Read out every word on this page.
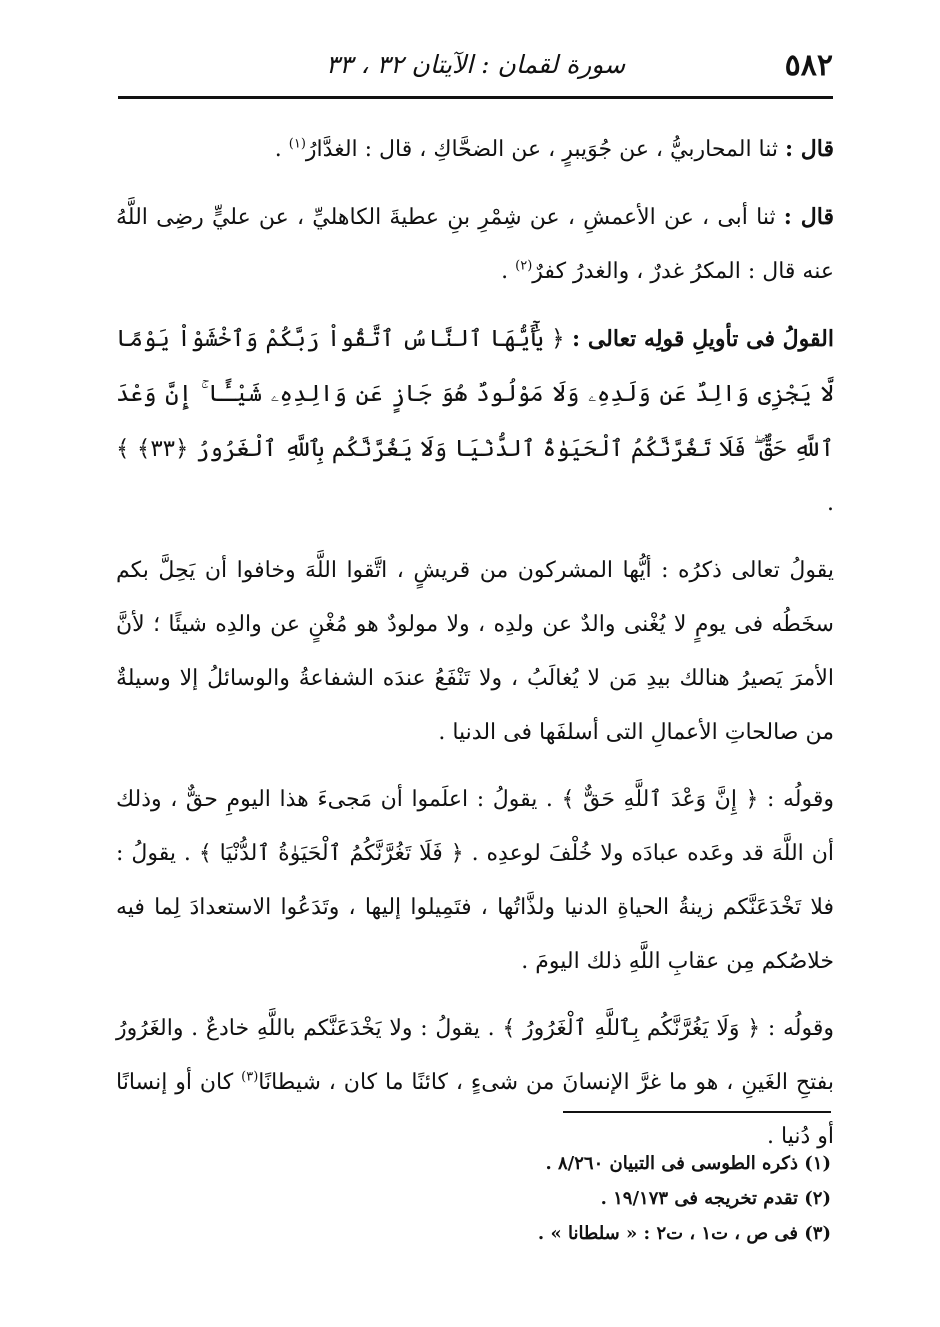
٥٨٢
سورة لقمان : الآيتان ٣٢ ، ٣٣

قال : ثنا المحاربيُّ ، عن جُوَيبرٍ ، عن الضحَّاكِ ، قال : الغدَّارُ$^{(١)}$ .

قال : ثنا أبى ، عن الأعمشِ ، عن شِمْرِ بنِ عطيةَ الكاهليِّ ، عن عليٍّ رضِى اللَّهُ عنه قال : المكرُ غدرٌ ، والغدرُ كفرٌ$^{(٢)}$ .

القولُ فى تأويلِ قولِه تعالى : ﴿ يَٰٓأَيُّهَا ٱلنَّاسُ ٱتَّقُواْ رَبَّكُمْ وَٱخْشَوْاْ يَوْمًا لَّا يَجْزِى وَالِدٌ عَن وَلَدِهِۦ وَلَا مَوْلُودٌ هُوَ جَازٍ عَن وَالِدِهِۦ شَيْـًٔا ۚ إِنَّ وَعْدَ ٱللَّهِ حَقٌّ ۖ فَلَا تَغُرَّنَّكُمُ ٱلْحَيَوٰةُ ٱلدُّنْيَا وَلَا يَغُرَّنَّكُم بِٱللَّهِ ٱلْغَرُورُ ﴿٣٣﴾ ﴾ .

يقولُ تعالى ذكرُه : أيُّها المشركون من قريشٍ ، اتَّقوا اللَّهَ وخافوا أن يَحِلَّ بكم سخَطُه فى يومٍ لا يُغْنى والدٌ عن ولدِه ، ولا مولودٌ هو مُغْنٍ عن والدِه شيئًا ؛ لأنَّ الأمرَ يَصيرُ هنالك بيدِ مَن لا يُغالَبُ ، ولا تَنْفَعُ عندَه الشفاعةُ والوسائلُ إلا وسيلةٌ من صالحاتِ الأعمالِ التى أسلفَها فى الدنيا .

وقولُه : ﴿ إِنَّ وَعْدَ ٱللَّهِ حَقٌّ ﴾ . يقولُ : اعلَموا أن مَجىءَ هذا اليومِ حقٌّ ، وذلك أن اللَّهَ قد وعَده عبادَه ولا خُلْفَ لوعدِه . ﴿ فَلَا تَغُرَّنَّكُمُ ٱلْحَيَوٰةُ ٱلدُّنْيَا ﴾ . يقولُ : فلا تَخْدَعَنَّكم زينةُ الحياةِ الدنيا ولذَّاتُها ، فتَمِيلوا إليها ، وتَدَعُوا الاستعدادَ لِما فيه خلاصُكم مِن عقابِ اللَّهِ ذلك اليومَ .

وقولُه : ﴿ وَلَا يَغُرَّنَّكُم بِٱللَّهِ ٱلْغَرُورُ ﴾ . يقولُ : ولا يَخْدَعَنَّكم باللَّهِ خادعٌ . والغَرُورُ بفتحِ الغَينِ ، هو ما غرَّ الإنسانَ من شىءٍ ، كائنًا ما كان ، شيطانًا$^{(٣)}$ كان أو إنسانًا أو دُنيا .

(١) ذكره الطوسى فى التبيان ٨/٢٦٠ .

(٢) تقدم تخريجه فى ١٩/١٧٣ .

(٣) فى ص ، ت١ ، ت٢ : « سلطانا » .
